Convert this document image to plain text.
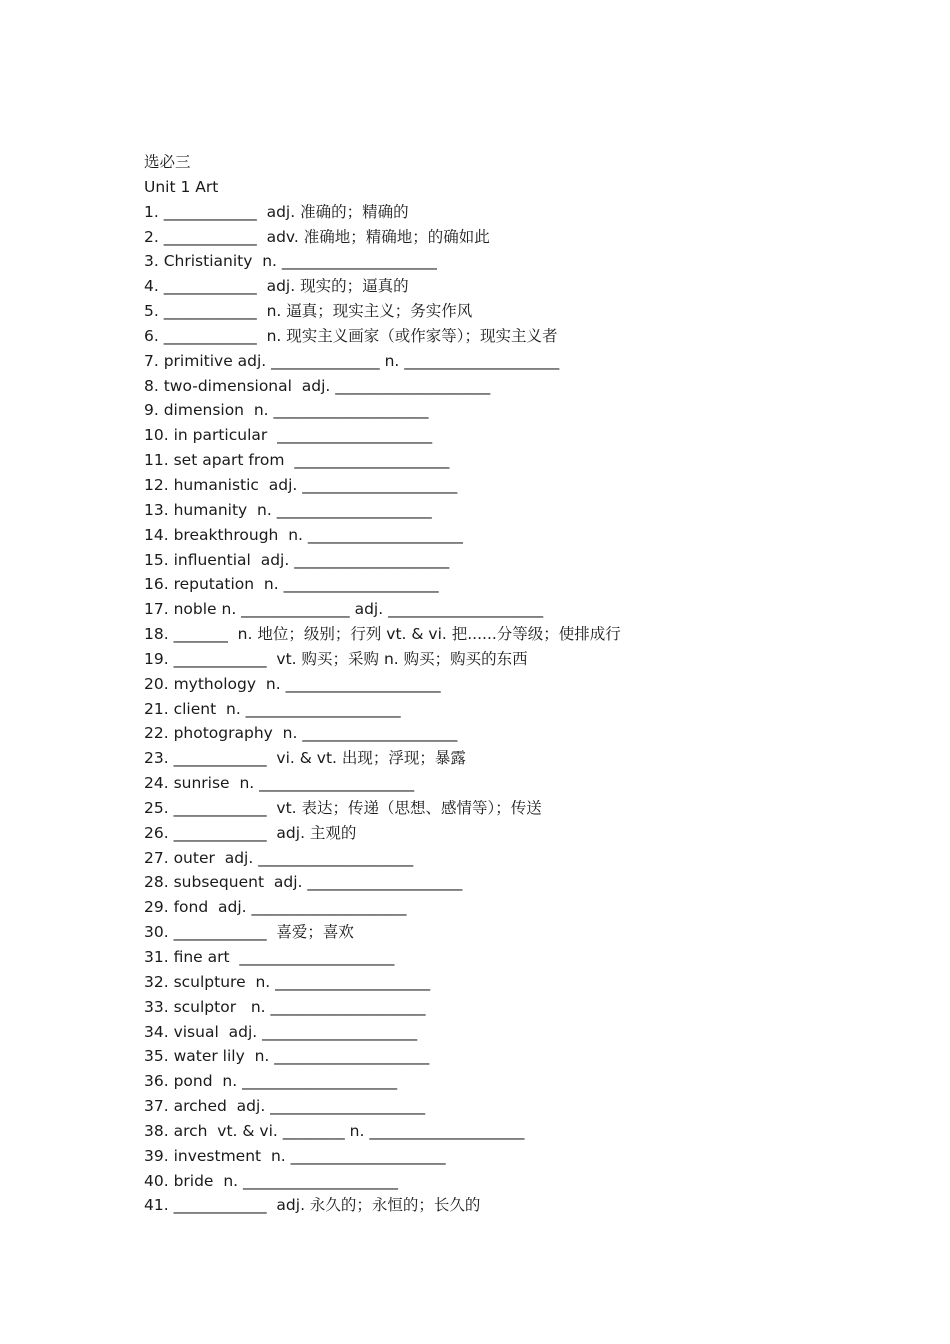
选必三
Unit 1 Art
1. ____________  adj. 准确的；精确的
2. ____________  adv. 准确地；精确地；的确如此
3. Christianity  n. ____________________
4. ____________  adj. 现实的；逼真的
5. ____________  n. 逼真；现实主义；务实作风
6. ____________  n. 现实主义画家（或作家等）；现实主义者
7. primitive adj. ______________ n. ____________________
8. two-dimensional  adj. ____________________
9. dimension  n. ____________________
10. in particular  ____________________
11. set apart from  ____________________
12. humanistic  adj. ____________________
13. humanity  n. ____________________
14. breakthrough  n. ____________________
15. influential  adj. ____________________
16. reputation  n. ____________________
17. noble n. ______________ adj. ____________________
18. _______  n. 地位；级别；行列 vt. & vi. 把......分等级；使排成行
19. ____________  vt. 购买；采购 n. 购买；购买的东西
20. mythology  n. ____________________
21. client  n. ____________________
22. photography  n. ____________________
23. ____________  vi. & vt. 出现；浮现；暴露
24. sunrise  n. ____________________
25. ____________  vt. 表达；传递（思想、感情等）；传送
26. ____________  adj. 主观的
27. outer  adj. ____________________
28. subsequent  adj. ____________________
29. fond  adj. ____________________
30. ____________  喜爱；喜欢
31. fine art  ____________________
32. sculpture  n. ____________________
33. sculptor   n. ____________________
34. visual  adj. ____________________
35. water lily  n. ____________________
36. pond  n. ____________________
37. arched  adj. ____________________
38. arch  vt. & vi. ________ n. ____________________
39. investment  n. ____________________
40. bride  n. ____________________
41. ____________  adj. 永久的；永恒的；长久的
